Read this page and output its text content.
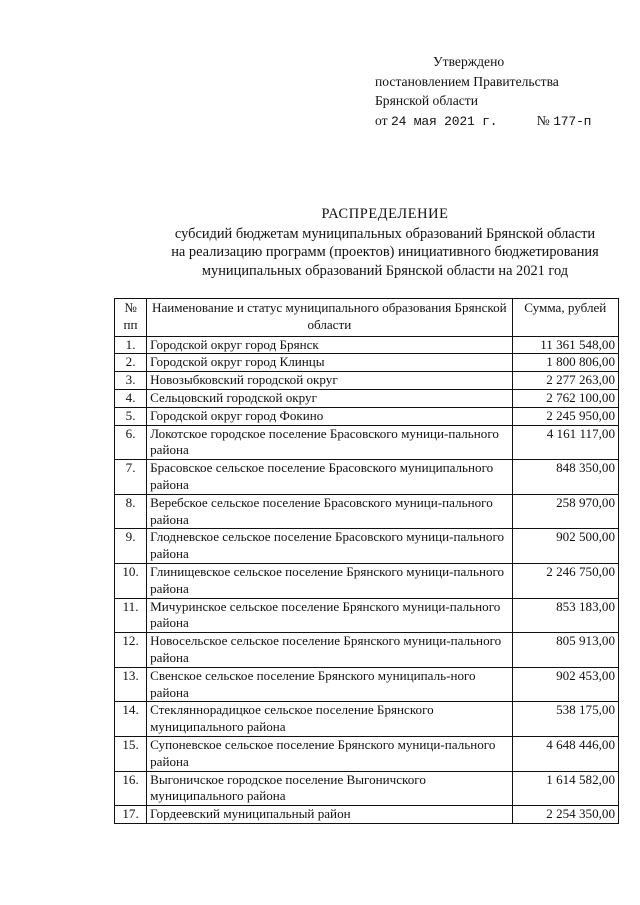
Утверждено
постановлением Правительства
Брянской области
от 24 мая 2021 г.	№ 177-п
РАСПРЕДЕЛЕНИЕ
субсидий бюджетам муниципальных образований Брянской области
на реализацию программ (проектов) инициативного бюджетирования
муниципальных образований Брянской области на 2021 год
№ пп	Наименование и статус муниципального образования Брянской области	Сумма, рублей
1.	Городской округ город Брянск	11 361 548,00
2.	Городской округ город Клинцы	1 800 806,00
3.	Новозыбковский городской округ	2 277 263,00
4.	Сельцовский городской округ	2 762 100,00
5.	Городской округ город Фокино	2 245 950,00
6.	Локотское городское поселение Брасовского муници-пального района	4 161 117,00
7.	Брасовское сельское поселение Брасовского муниципального района	848 350,00
8.	Веребское сельское поселение Брасовского муници-пального района	258 970,00
9.	Глодневское сельское поселение Брасовского муници-пального района	902 500,00
10.	Глинищевское сельское поселение Брянского муници-пального района	2 246 750,00
11.	Мичуринское сельское поселение Брянского муници-пального района	853 183,00
12.	Новосельское сельское поселение Брянского муници-пального района	805 913,00
13.	Свенское сельское поселение Брянского муниципаль-ного района	902 453,00
14.	Стекляннорадицкое сельское поселение Брянского муниципального района	538 175,00
15.	Супоневское сельское поселение Брянского муници-пального района	4 648 446,00
16.	Выгоничское городское поселение Выгоничского муниципального района	1 614 582,00
17.	Гордеевский муниципальный район	2 254 350,00
